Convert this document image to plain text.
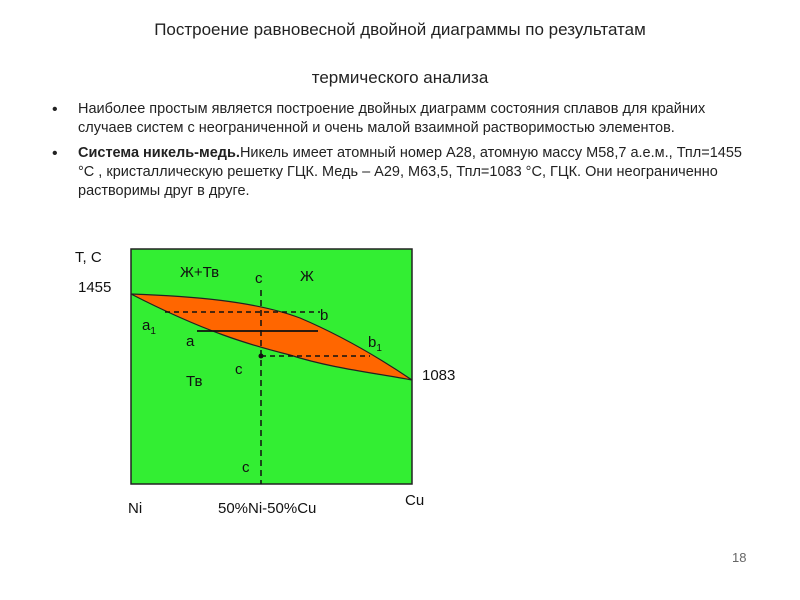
Построение равновесной двойной диаграммы по результатам
термического анализа
• Наиболее простым является построение двойных диаграмм состояния сплавов для крайних случаев систем с неограниченной и очень малой взаимной растворимостью элементов.
• Система никель-медь.Никель имеет атомный номер А28, атомную массу М58,7 а.е.м., Тпл=1455 °С , кристаллическую решетку ГЦК. Медь – А29, М63,5, Тпл=1083 °С, ГЦК. Они неограниченно растворимы друг в друге.
Т, С
1455
1083
Ж+Тв	Ж
Тв
с
с
с
$а_1$
а
b
$b_1$
Ni	50%Ni-50%Cu	Cu
18
